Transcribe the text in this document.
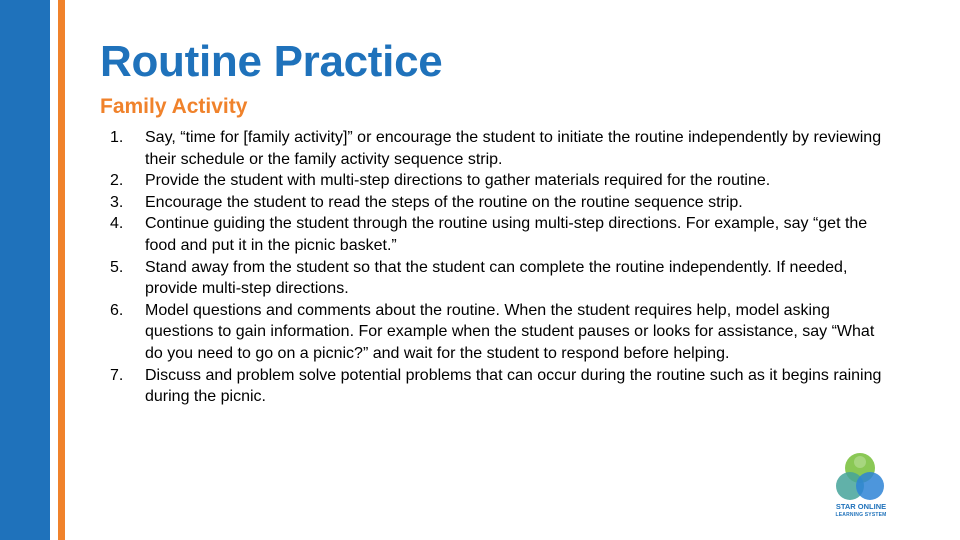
Routine Practice
Family Activity
1.	Say, “time for [family activity]” or encourage the student to initiate the routine independently by reviewing their schedule or the family activity sequence strip.
2.	Provide the student with multi-step directions to gather materials required for the routine.
3.	Encourage the student to read the steps of the routine on the routine sequence strip.
4.	Continue guiding the student through the routine using multi-step directions. For example, say “get the food and put it in the picnic basket.”
5.	Stand away from the student so that the student can complete the routine independently. If needed, provide multi-step directions.
6.	Model questions and comments about the routine. When the student requires help, model asking questions to gain information. For example when the student pauses or looks for assistance, say “What do you need to go on a picnic?” and wait for the student to respond before helping.
7.	Discuss and problem solve potential problems that can occur during the routine such as it begins raining during the picnic.
STAR ONLINE
LEARNING SYSTEM
